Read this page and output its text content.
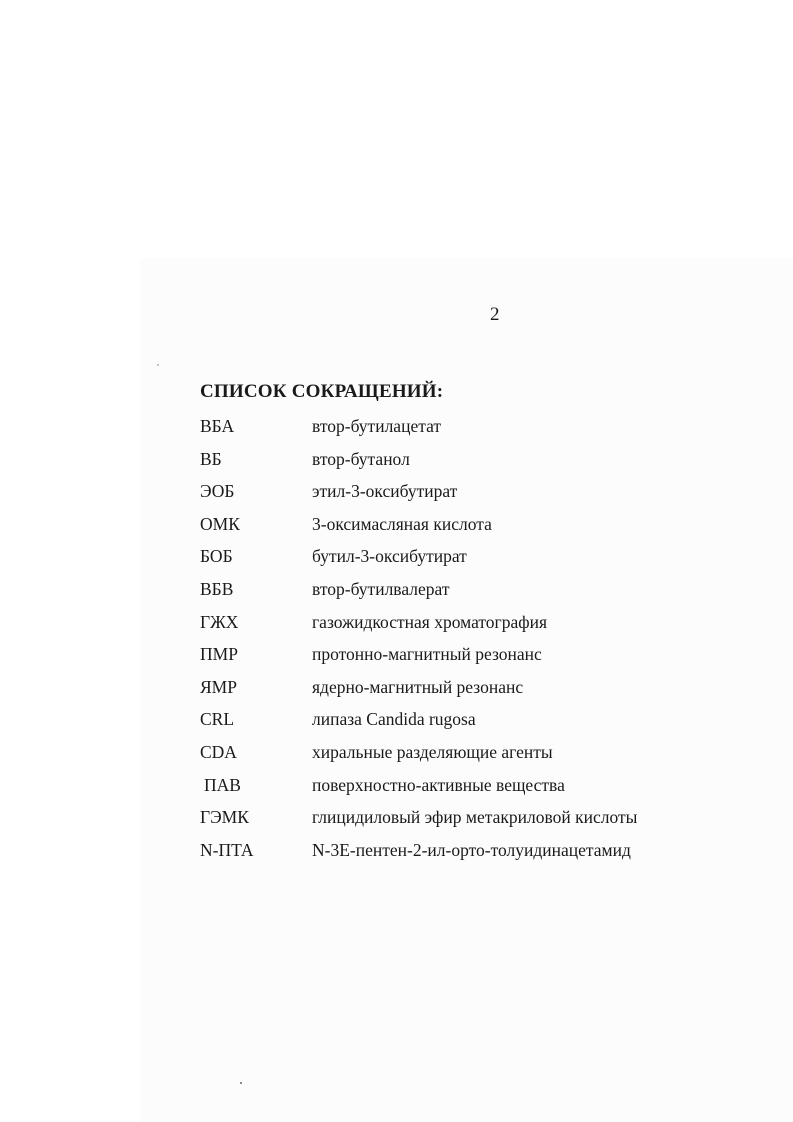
2
СПИСОК СОКРАЩЕНИЙ:
ВБА	втор-бутилацетат
ВБ	втор-бутанол
ЭОБ	этил-3-оксибутират
ОМК	3-оксимасляная кислота
БОБ	бутил-3-оксибутират
ВБВ	втор-бутилвалерат
ГЖХ	газожидкостная хроматография
ПМР	протонно-магнитный резонанс
ЯМР	ядерно-магнитный резонанс
CRL	липаза Candida rugosa
CDA	хиральные разделяющие агенты
ПАВ	поверхностно-активные вещества
ГЭМК	глицидиловый эфир метакриловой кислоты
N-ПТА	N-3E-пентен-2-ил-орто-толуидинацетамид
